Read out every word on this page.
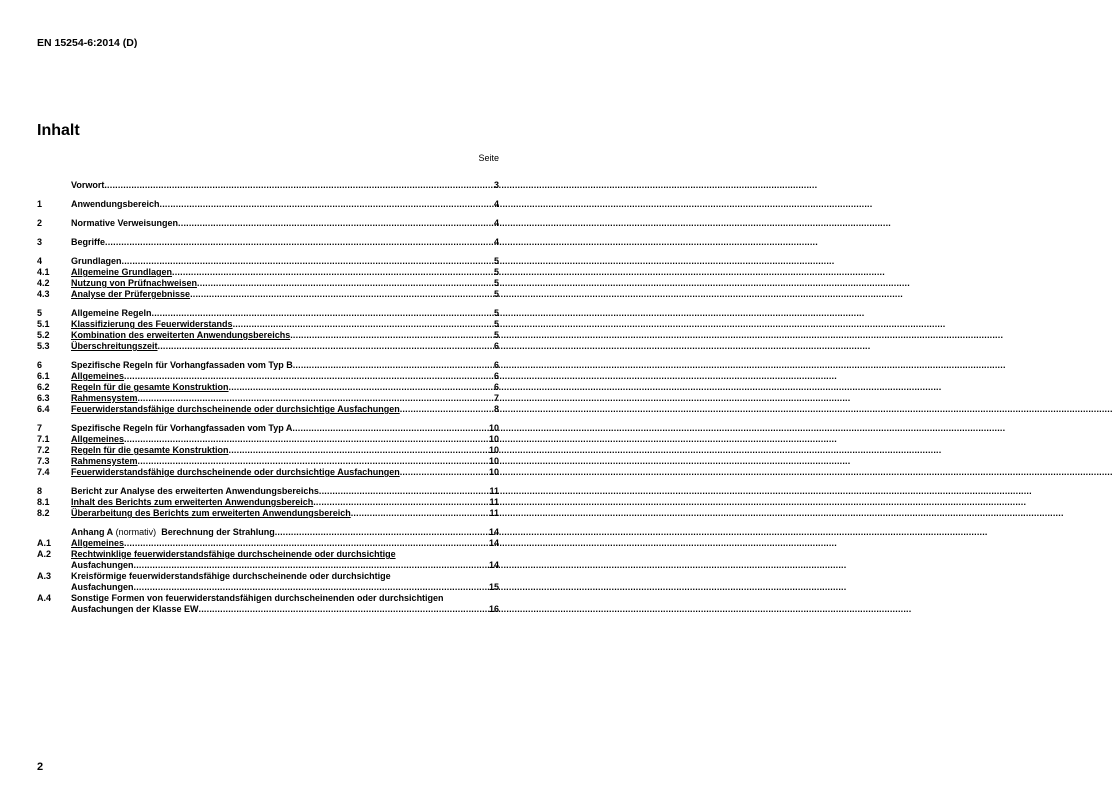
EN 15254-6:2014 (D)
Inhalt
Seite
Vorwort .....	3
1	Anwendungsbereich .....	4
2	Normative Verweisungen .....	4
3	Begriffe .....	4
4	Grundlagen .....	5
4.1	Allgemeine Grundlagen .....	5
4.2	Nutzung von Prüfnachweisen .....	5
4.3	Analyse der Prüfergebnisse .....	5
5	Allgemeine Regeln .....	5
5.1	Klassifizierung des Feuerwiderstands .....	5
5.2	Kombination des erweiterten Anwendungsbereichs .....	5
5.3	Überschreitungszeit .....	6
6	Spezifische Regeln für Vorhangfassaden vom Typ B .....	6
6.1	Allgemeines .....	6
6.2	Regeln für die gesamte Konstruktion .....	6
6.3	Rahmensystem .....	7
6.4	Feuerwiderstandsfähige durchscheinende oder durchsichtige Ausfachungen .....	8
7	Spezifische Regeln für Vorhangfassaden vom Typ A .....	10
7.1	Allgemeines .....	10
7.2	Regeln für die gesamte Konstruktion .....	10
7.3	Rahmensystem .....	10
7.4	Feuerwiderstandsfähige durchscheinende oder durchsichtige Ausfachungen .....	10
8	Bericht zur Analyse des erweiterten Anwendungsbereichs .....	11
8.1	Inhalt des Berichts zum erweiterten Anwendungsbereich .....	11
8.2	Überarbeitung des Berichts zum erweiterten Anwendungsbereich .....	11
Anhang A (normativ)  Berechnung der Strahlung .....	14
A.1	Allgemeines .....	14
A.2	Rechtwinklige feuerwiderstandsfähige durchscheinende oder durchsichtige
Ausfachungen .....	14
A.3	Kreisförmige feuerwiderstandsfähige durchscheinende oder durchsichtige
Ausfachungen .....	15
A.4	Sonstige Formen von feuerwiderstandsfähigen durchscheinenden oder durchsichtigen
Ausfachungen der Klasse EW .....	16
2
